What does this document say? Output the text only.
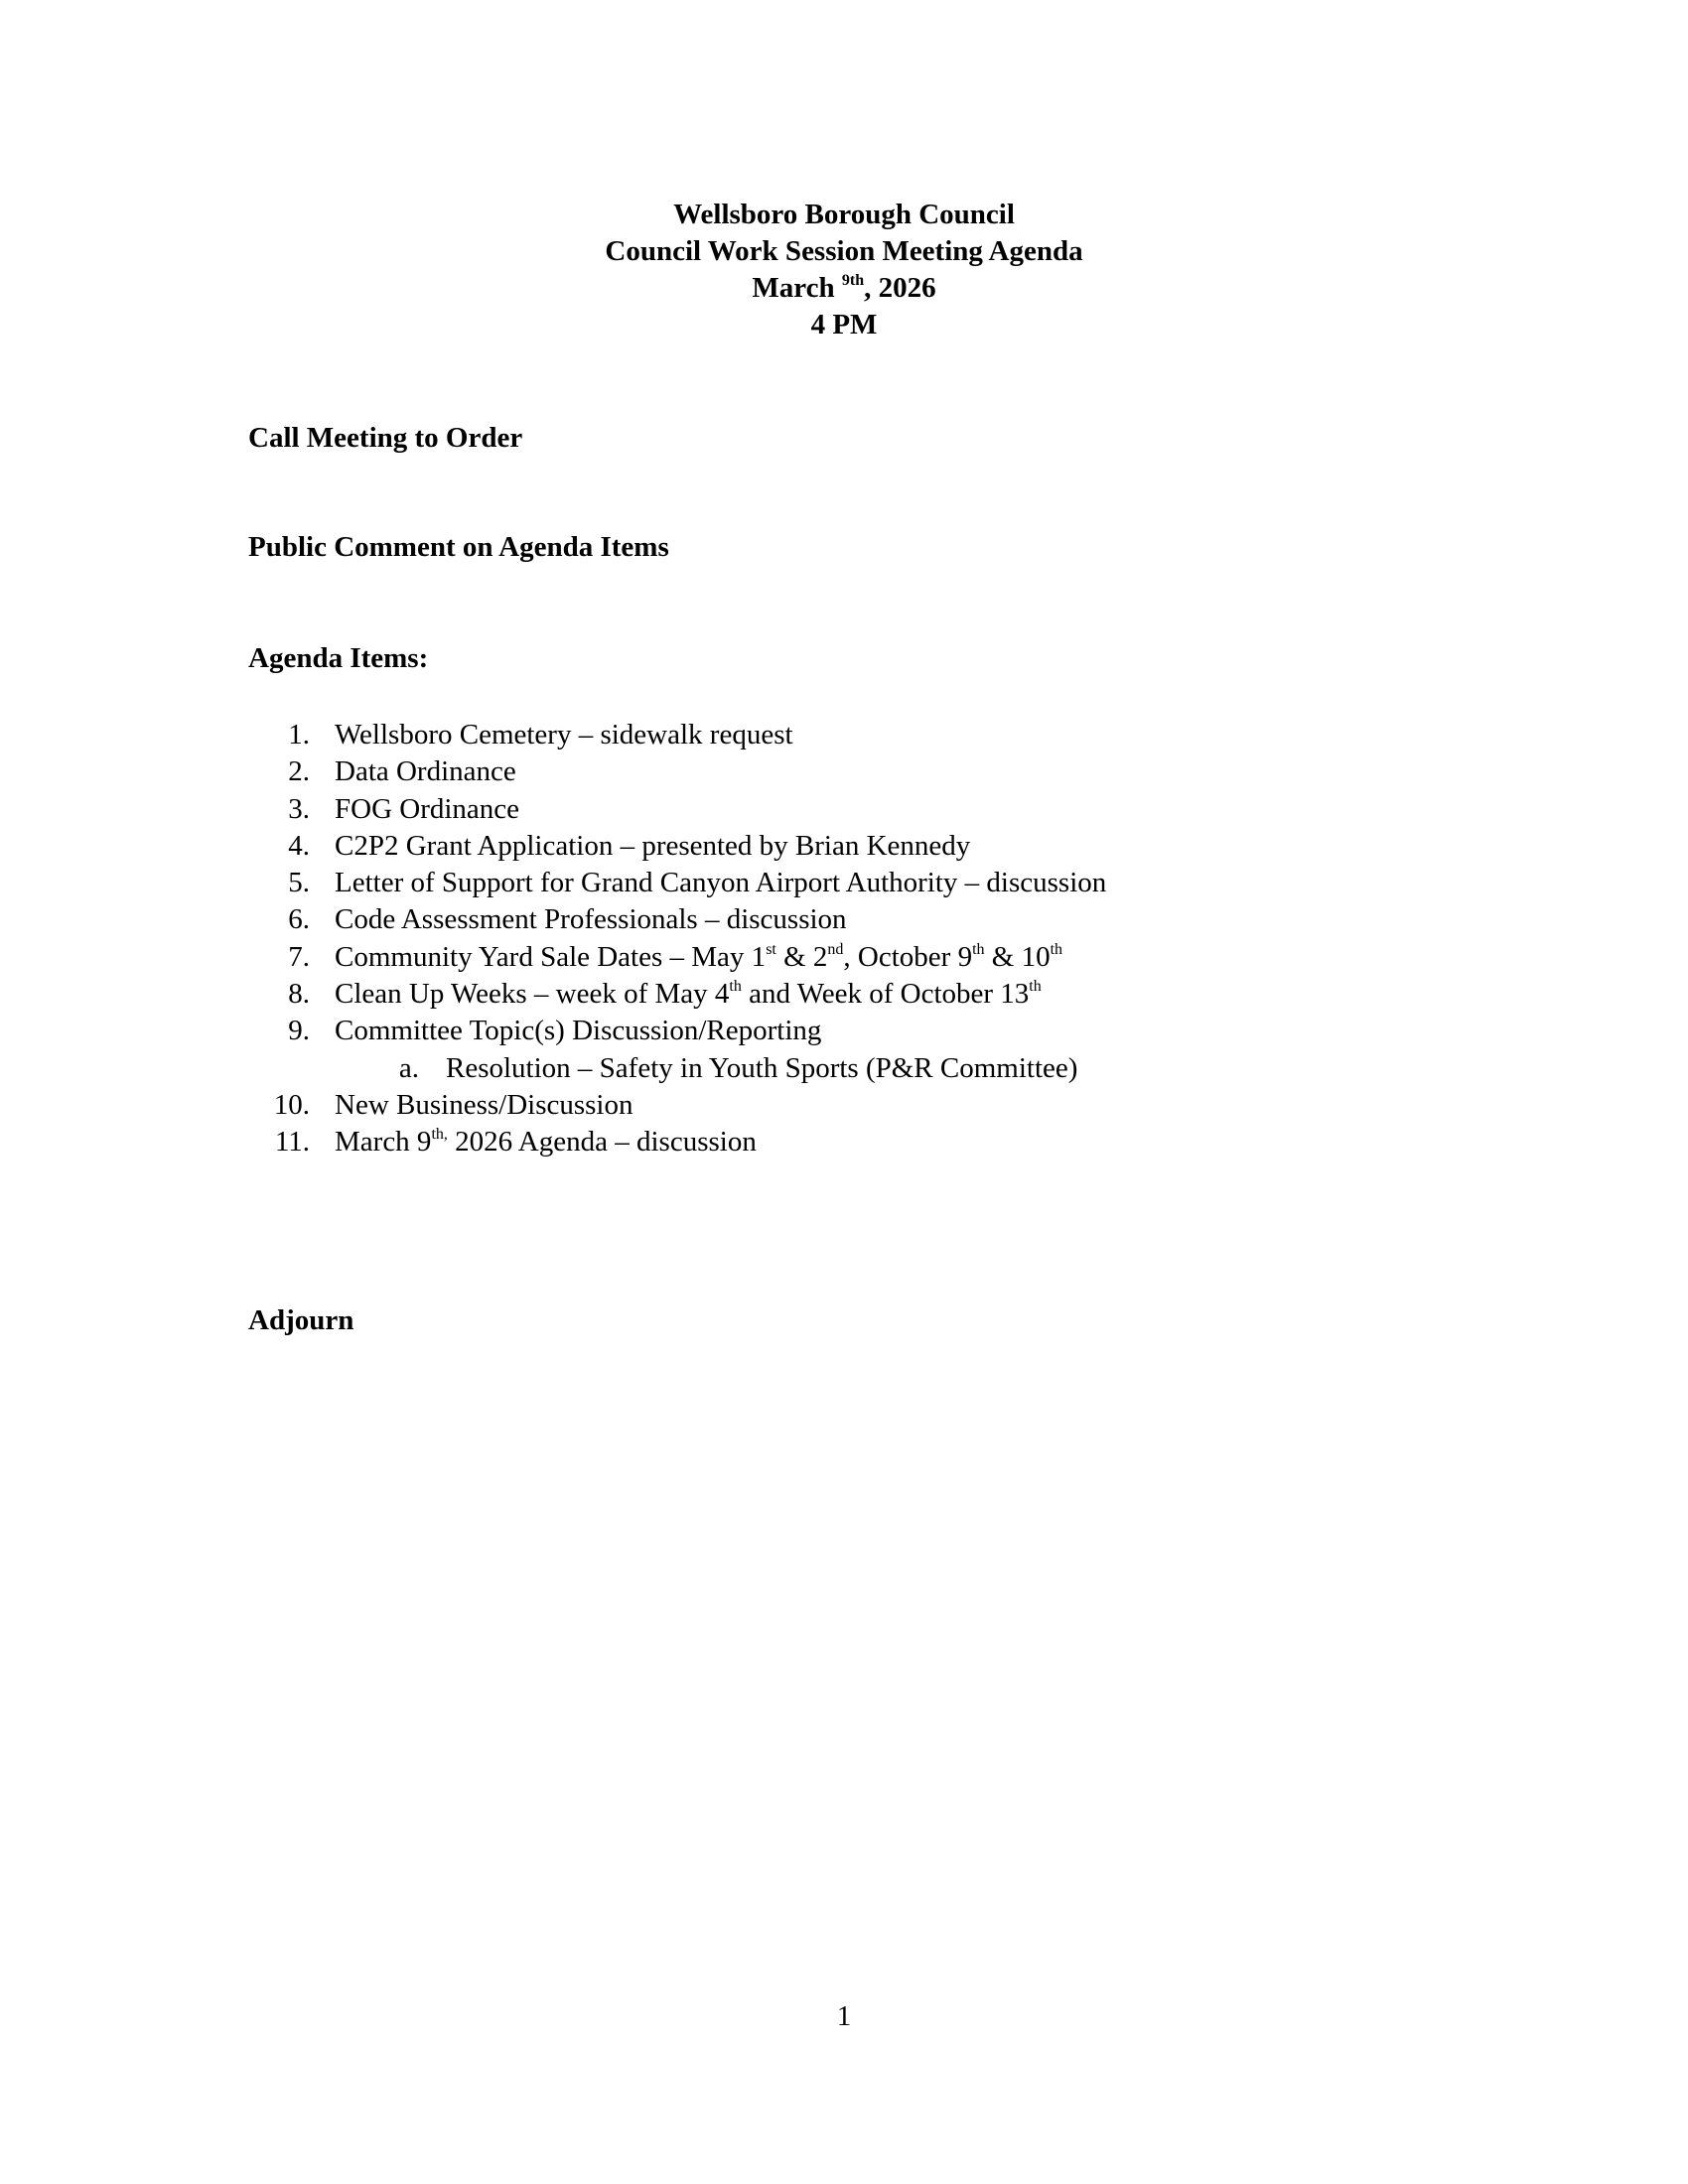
Wellsboro Borough Council
Council Work Session Meeting Agenda
March $^{9th}$, 2026
4 PM
Call Meeting to Order
Public Comment on Agenda Items
Agenda Items:
1. Wellsboro Cemetery – sidewalk request
2. Data Ordinance
3. FOG Ordinance
4. C2P2 Grant Application – presented by Brian Kennedy
5. Letter of Support for Grand Canyon Airport Authority – discussion
6. Code Assessment Professionals – discussion
7. Community Yard Sale Dates – May 1st & 2nd, October 9th & 10th
8. Clean Up Weeks – week of May 4th and Week of October 13th
9. Committee Topic(s) Discussion/Reporting
a. Resolution – Safety in Youth Sports (P&R Committee)
10. New Business/Discussion
11. March $9^{th,}$ 2026 Agenda – discussion
Adjourn
1
